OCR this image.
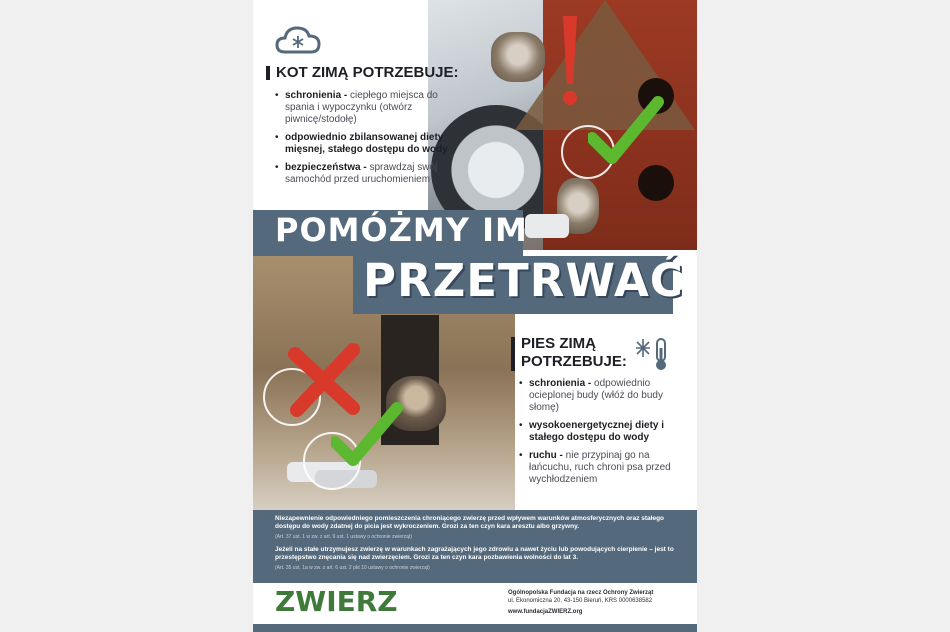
KOT ZIMĄ POTRZEBUJE:
• schronienia - ciepłego miejsca do spania i wypoczynku (otwórz piwnicę/stodołę)
• odpowiednio zbilansowanej diety mięsnej, stałego dostępu do wody
• bezpieczeństwa - sprawdzaj swój samochód przed uruchomieniem
POMÓŻMY IM
PRZETRWAĆ
PIES ZIMĄ
POTRZEBUJE:
• schronienia - odpowiednio ocieplonej budy (włóż do budy słomę)
• wysokoenergetycznej diety i stałego dostępu do wody
• ruchu - nie przypinaj go na łańcuchu, ruch chroni psa przed wychłodzeniem

Niezapewnienie odpowiedniego pomieszczenia chroniącego zwierzę przed wpływem warunków atmosferycznych oraz stałego dostępu do wody zdatnej do picia jest wykroczeniem. Grozi za ten czyn kara aresztu albo grzywny.

(Art. 37 ust. 1 w zw. z art. 9 ust. 1 ustawy o ochronie zwierząt)

Jeżeli na stałe utrzymujesz zwierzę w warunkach zagrażających jego zdrowiu a nawet życiu lub powodujących cierpienie – jest to przestępstwo znęcania się nad zwierzęciem. Grozi za ten czyn kara pozbawienia wolności do lat 3.

(Art. 35 ust. 1a w zw. z art. 6 ust. 2 pkt 10 ustawy o ochronie zwierząt)

ZWIERZ	Ogólnopolska Fundacja na rzecz Ochrony Zwierząt
ul. Ekonomiczna 20, 43-150 Bieruń, KRS 0000638582
www.fundacjaZWIERZ.org
